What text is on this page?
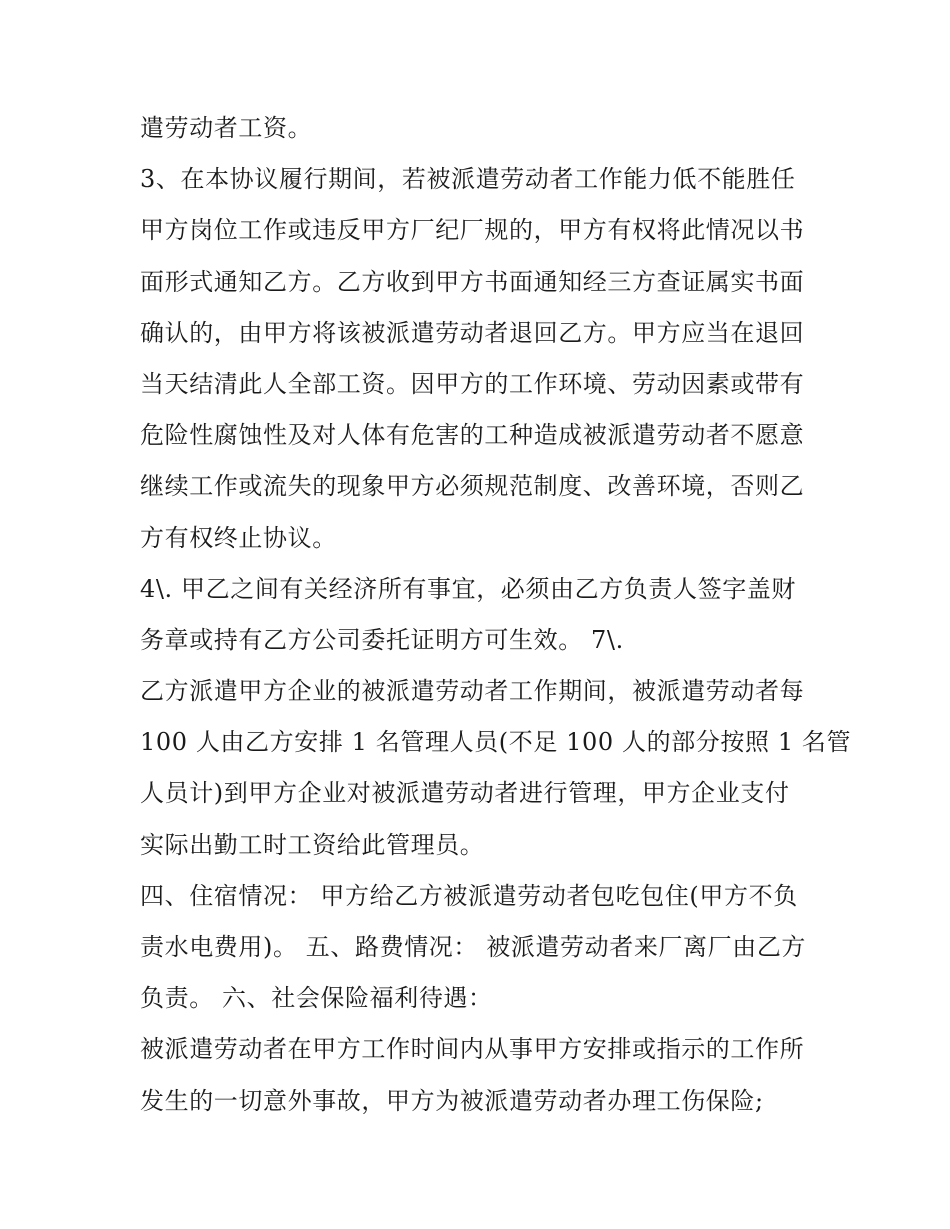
遣劳动者工资。
3、在本协议履行期间，若被派遣劳动者工作能力低不能胜任
甲方岗位工作或违反甲方厂纪厂规的，甲方有权将此情况以书
面形式通知乙方。乙方收到甲方书面通知经三方查证属实书面
确认的，由甲方将该被派遣劳动者退回乙方。甲方应当在退回
当天结清此人全部工资。因甲方的工作环境、劳动因素或带有
危险性腐蚀性及对人体有危害的工种造成被派遣劳动者不愿意
继续工作或流失的现象甲方必须规范制度、改善环境，否则乙
方有权终止协议。
4\. 甲乙之间有关经济所有事宜，必须由乙方负责人签字盖财
务章或持有乙方公司委托证明方可生效。 7\.
乙方派遣甲方企业的被派遣劳动者工作期间，被派遣劳动者每
100 人由乙方安排 1 名管理人员(不足 100 人的部分按照 1 名管
人员计)到甲方企业对被派遣劳动者进行管理，甲方企业支付
实际出勤工时工资给此管理员。
四、住宿情况： 甲方给乙方被派遣劳动者包吃包住(甲方不负
责水电费用)。 五、路费情况： 被派遣劳动者来厂离厂由乙方
负责。 六、社会保险福利待遇：
被派遣劳动者在甲方工作时间内从事甲方安排或指示的工作所
发生的一切意外事故，甲方为被派遣劳动者办理工伤保险;
